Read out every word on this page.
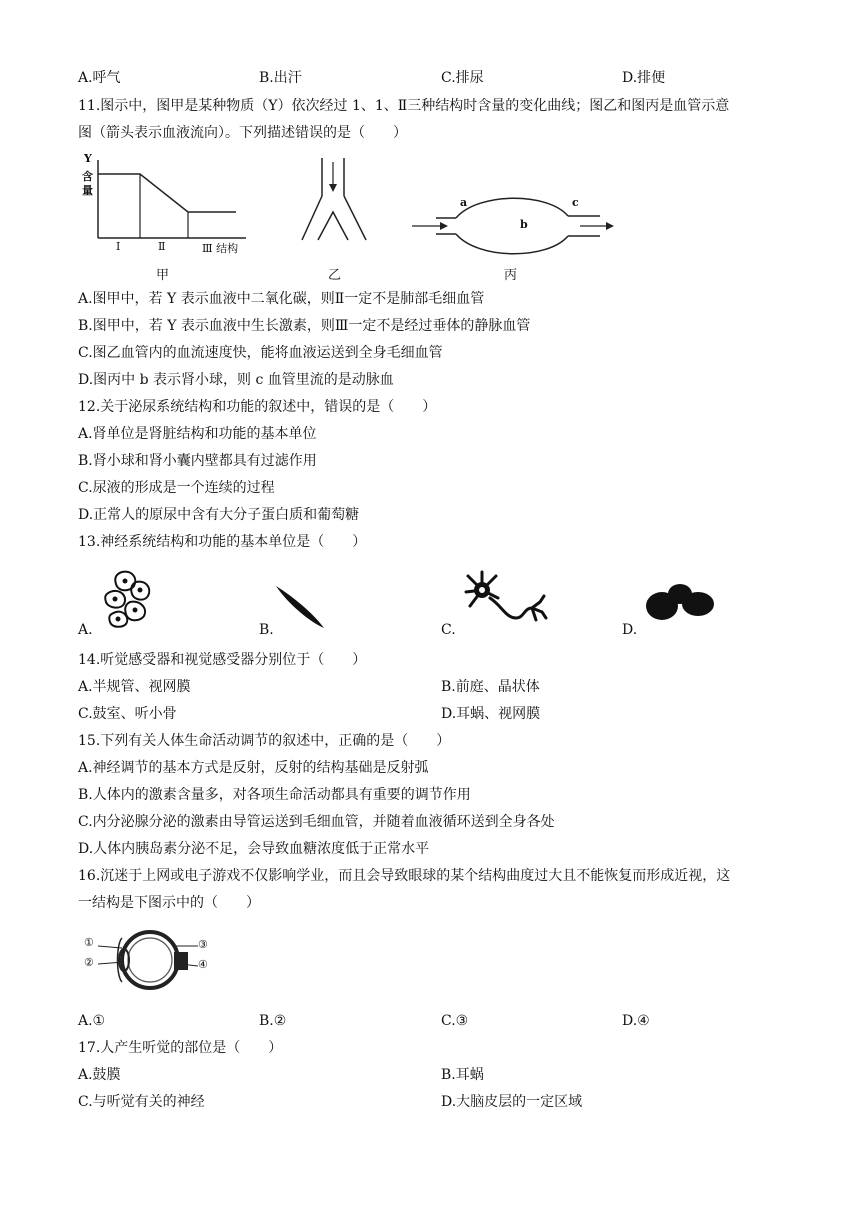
A.呼气	B.出汗	C.排尿	D.排便
11.图示中，图甲是某种物质（Y）依次经过 1、1、Ⅱ三种结构时含量的变化曲线；图乙和图丙是血管示意
图（箭头表示血液流向）。下列描述错误的是（　　）
Y
含
量
Ⅰ	Ⅱ	Ⅲ 结构
甲	乙
a
b
c
丙
A.图甲中，若 Y 表示血液中二氧化碳，则Ⅱ一定不是肺部毛细血管
B.图甲中，若 Y 表示血液中生长激素，则Ⅲ一定不是经过垂体的静脉血管
C.图乙血管内的血流速度快，能将血液运送到全身毛细血管
D.图丙中 b 表示肾小球，则 c 血管里流的是动脉血
12.关于泌尿系统结构和功能的叙述中，错误的是（　　）
A.肾单位是肾脏结构和功能的基本单位
B.肾小球和肾小囊内壁都具有过滤作用
C.尿液的形成是一个连续的过程
D.正常人的原尿中含有大分子蛋白质和葡萄糖
13.神经系统结构和功能的基本单位是（　　）
A.	B.	C.	D.
14.听觉感受器和视觉感受器分别位于（　　）
A.半规管、视网膜	B.前庭、晶状体
C.鼓室、听小骨	D.耳蜗、视网膜
15.下列有关人体生命活动调节的叙述中，正确的是（　　）
A.神经调节的基本方式是反射，反射的结构基础是反射弧
B.人体内的激素含量多，对各项生命活动都具有重要的调节作用
C.内分泌腺分泌的激素由导管运送到毛细血管，并随着血液循环送到全身各处
D.人体内胰岛素分泌不足，会导致血糖浓度低于正常水平
16.沉迷于上网或电子游戏不仅影响学业，而且会导致眼球的某个结构曲度过大且不能恢复而形成近视，这
一结构是下图示中的（　　）
①
②
③
④
A.①	B.②	C.③	D.④
17.人产生听觉的部位是（　　）
A.鼓膜	B.耳蜗
C.与听觉有关的神经	D.大脑皮层的一定区域
